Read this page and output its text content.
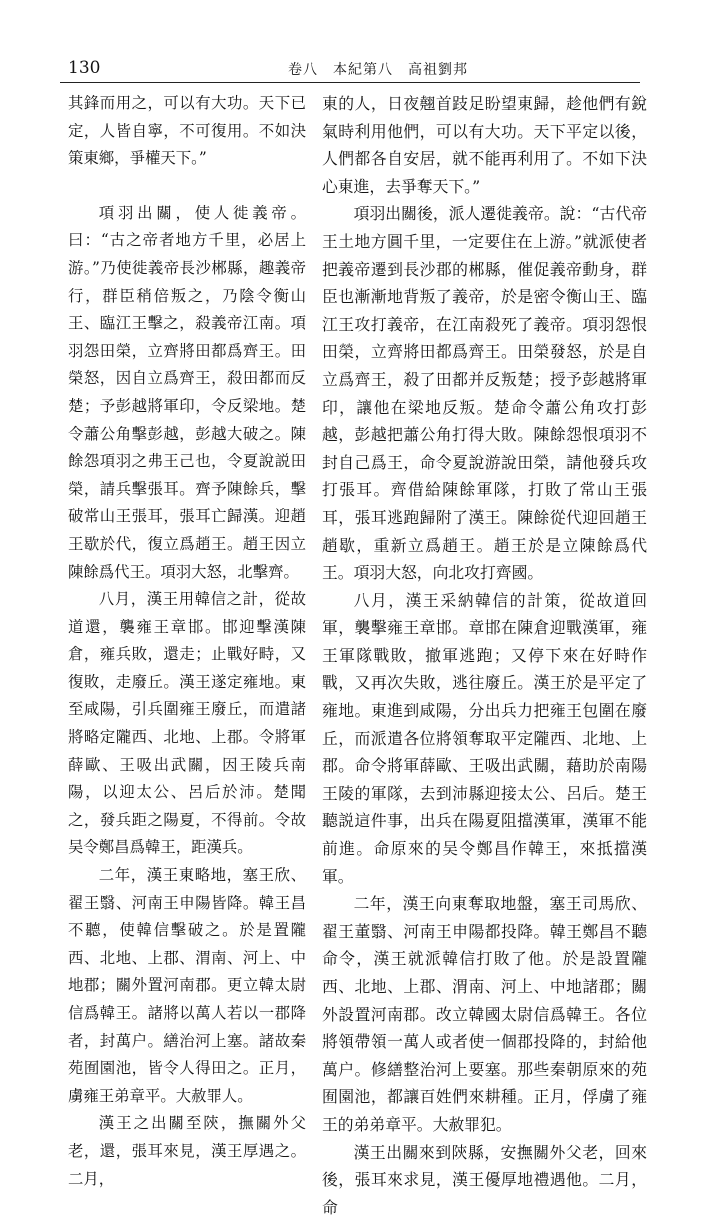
130	卷八　本紀第八　高祖劉邦

其鋒而用之，可以有大功。天下已定，人皆自寧，不可復用。不如決策東鄉，爭權天下。”

項羽出關，使人徙義帝。曰：“古之帝者地方千里，必居上游。”乃使徙義帝長沙郴縣，趣義帝行，群臣稍倍叛之，乃陰令衡山王、臨江王擊之，殺義帝江南。項羽怨田榮，立齊將田都爲齊王。田榮怒，因自立爲齊王，殺田都而反楚；予彭越將軍印，令反梁地。楚令蕭公角擊彭越，彭越大破之。陳餘怨項羽之弗王己也，令夏說説田榮，請兵擊張耳。齊予陳餘兵，擊破常山王張耳，張耳亡歸漢。迎趙王歇於代，復立爲趙王。趙王因立陳餘爲代王。項羽大怒，北擊齊。

八月，漢王用韓信之計，從故道還，襲雍王章邯。邯迎擊漢陳倉，雍兵敗，還走；止戰好畤，又復敗，走廢丘。漢王遂定雍地。東至咸陽，引兵圍雍王廢丘，而遣諸將略定隴西、北地、上郡。令將軍薛歐、王吸出武關，因王陵兵南陽，以迎太公、呂后於沛。楚聞之，發兵距之陽夏，不得前。令故吴令鄭昌爲韓王，距漢兵。

二年，漢王東略地，塞王欣、翟王翳、河南王申陽皆降。韓王昌不聽，使韓信擊破之。於是置隴西、北地、上郡、渭南、河上、中地郡；關外置河南郡。更立韓太尉信爲韓王。諸將以萬人若以一郡降者，封萬户。繕治河上塞。諸故秦苑囿園池，皆令人得田之。正月，虜雍王弟章平。大赦罪人。

漢王之出關至陝，撫關外父老，還，張耳來見，漢王厚遇之。二月，

東的人，日夜翹首跂足盼望東歸，趁他們有銳氣時利用他們，可以有大功。天下平定以後，人們都各自安居，就不能再利用了。不如下決心東進，去爭奪天下。”

項羽出關後，派人遷徙義帝。說：“古代帝王土地方圓千里，一定要住在上游。”就派使者把義帝遷到長沙郡的郴縣，催促義帝動身，群臣也漸漸地背叛了義帝，於是密令衡山王、臨江王攻打義帝，在江南殺死了義帝。項羽怨恨田榮，立齊將田都爲齊王。田榮發怒，於是自立爲齊王，殺了田都并反叛楚；授予彭越將軍印，讓他在梁地反叛。楚命令蕭公角攻打彭越，彭越把蕭公角打得大敗。陳餘怨恨項羽不封自己爲王，命令夏說游說田榮，請他發兵攻打張耳。齊借給陳餘軍隊，打敗了常山王張耳，張耳逃跑歸附了漢王。陳餘從代迎回趙王趙歇，重新立爲趙王。趙王於是立陳餘爲代王。項羽大怒，向北攻打齊國。

八月，漢王采納韓信的計策，從故道回軍，襲擊雍王章邯。章邯在陳倉迎戰漢軍，雍王軍隊戰敗，撤軍逃跑；又停下來在好畤作戰，又再次失敗，逃往廢丘。漢王於是平定了雍地。東進到咸陽，分出兵力把雍王包圍在廢丘，而派遣各位將領奪取平定隴西、北地、上郡。命令將軍薛歐、王吸出武關，藉助於南陽王陵的軍隊，去到沛縣迎接太公、呂后。楚王聽説這件事，出兵在陽夏阻擋漢軍，漢軍不能前進。命原來的吴令鄭昌作韓王，來抵擋漢軍。

二年，漢王向東奪取地盤，塞王司馬欣、翟王董翳、河南王申陽都投降。韓王鄭昌不聽命令，漢王就派韓信打敗了他。於是設置隴西、北地、上郡、渭南、河上、中地諸郡；關外設置河南郡。改立韓國太尉信爲韓王。各位將領帶領一萬人或者使一個郡投降的，封給他萬户。修繕整治河上要塞。那些秦朝原來的苑囿園池，都讓百姓們來耕種。正月，俘虜了雍王的弟弟章平。大赦罪犯。

漢王出關來到陝縣，安撫關外父老，回來後，張耳來求見，漢王優厚地禮遇他。二月，命
